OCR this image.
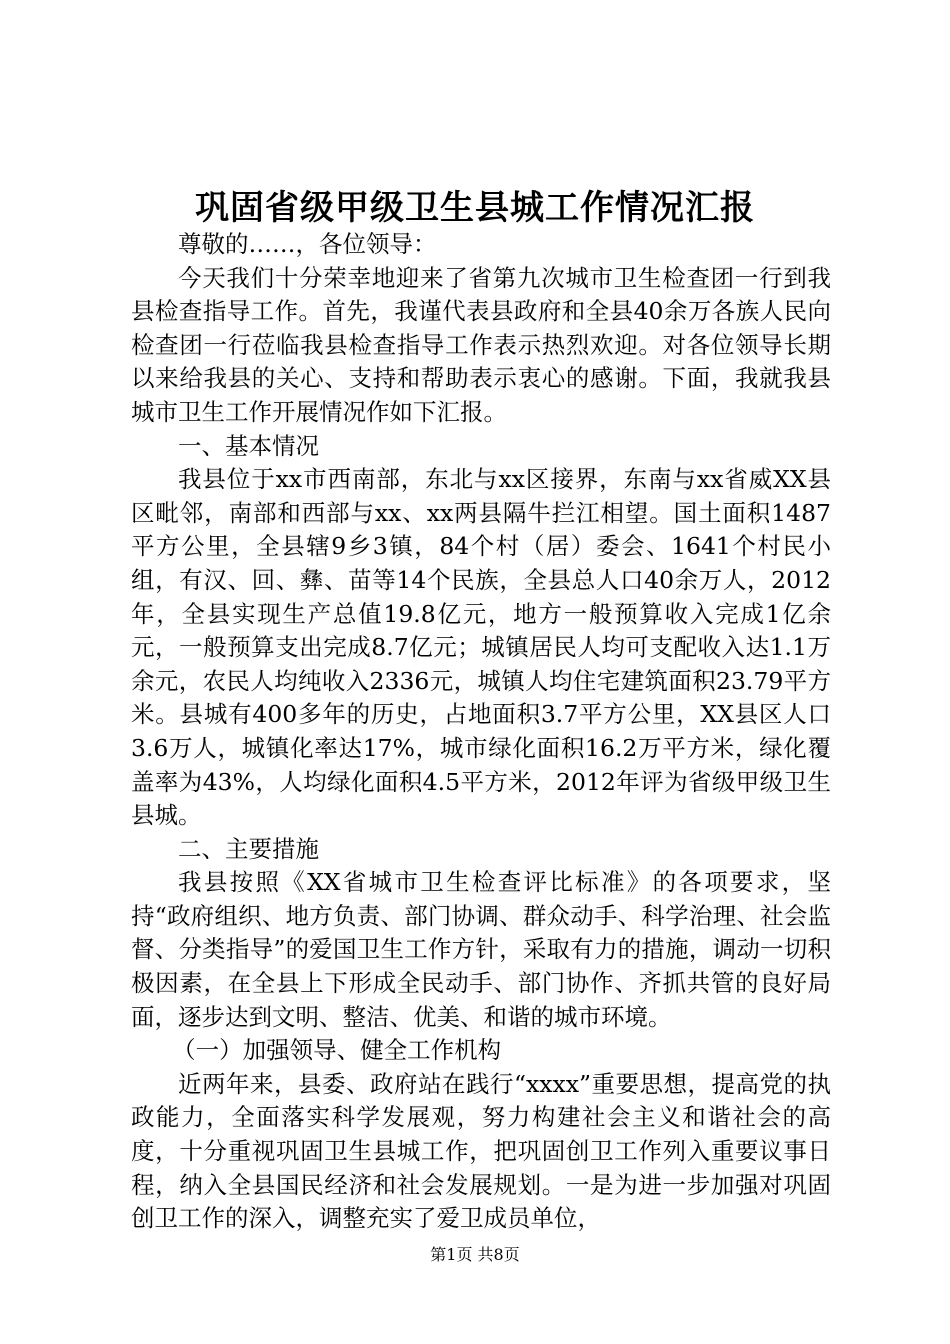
巩固省级甲级卫生县城工作情况汇报

尊敬的……，各位领导：

今天我们十分荣幸地迎来了省第九次城市卫生检查团一行到我县检查指导工作。首先，我谨代表县政府和全县40余万各族人民向检查团一行莅临我县检查指导工作表示热烈欢迎。对各位领导长期以来给我县的关心、支持和帮助表示衷心的感谢。下面，我就我县城市卫生工作开展情况作如下汇报。

一、基本情况

我县位于xx市西南部，东北与xx区接界，东南与xx省威XX县区毗邻，南部和西部与xx、xx两县隔牛拦江相望。国土面积1487平方公里，全县辖9乡3镇，84个村（居）委会、1641个村民小组，有汉、回、彝、苗等14个民族，全县总人口40余万人，2012年，全县实现生产总值19.8亿元，地方一般预算收入完成1亿余元，一般预算支出完成8.7亿元；城镇居民人均可支配收入达1.1万余元，农民人均纯收入2336元，城镇人均住宅建筑面积23.79平方米。县城有400多年的历史，占地面积3.7平方公里，XX县区人口3.6万人，城镇化率达17%，城市绿化面积16.2万平方米，绿化覆盖率为43%，人均绿化面积4.5平方米，2012年评为省级甲级卫生县城。

二、主要措施

我县按照《XX省城市卫生检查评比标准》的各项要求，坚持“政府组织、地方负责、部门协调、群众动手、科学治理、社会监督、分类指导”的爱国卫生工作方针，采取有力的措施，调动一切积极因素，在全县上下形成全民动手、部门协作、齐抓共管的良好局面，逐步达到文明、整洁、优美、和谐的城市环境。

（一）加强领导、健全工作机构

近两年来，县委、政府站在践行“xxxx”重要思想，提高党的执政能力，全面落实科学发展观，努力构建社会主义和谐社会的高度，十分重视巩固卫生县城工作，把巩固创卫工作列入重要议事日程，纳入全县国民经济和社会发展规划。一是为进一步加强对巩固创卫工作的深入，调整充实了爱卫成员单位，

第1页 共8页
